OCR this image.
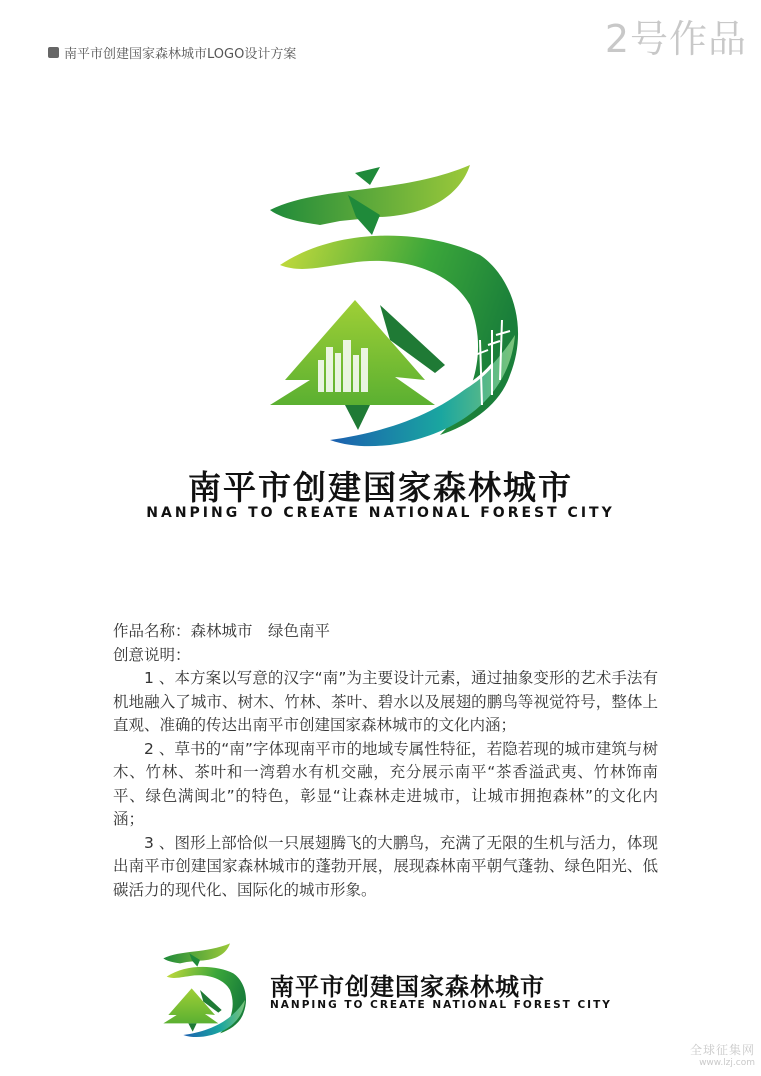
南平市创建国家森林城市LOGO设计方案	2号作品
南平市创建国家森林城市
NANPING TO CREATE NATIONAL FOREST CITY

作品名称：森林城市　绿色南平

创意说明：

1 、本方案以写意的汉字“南”为主要设计元素，通过抽象变形的艺术手法有机地融入了城市、树木、竹林、茶叶、碧水以及展翅的鹏鸟等视觉符号，整体上直观、准确的传达出南平市创建国家森林城市的文化内涵；

2 、草书的“南”字体现南平市的地域专属性特征，若隐若现的城市建筑与树木、竹林、茶叶和一湾碧水有机交融，充分展示南平“茶香溢武夷、竹林饰南平、绿色满闽北”的特色，彰显“让森林走进城市，让城市拥抱森林”的文化内涵；

3 、图形上部恰似一只展翅腾飞的大鹏鸟，充满了无限的生机与活力，体现出南平市创建国家森林城市的蓬勃开展，展现森林南平朝气蓬勃、绿色阳光、低碳活力的现代化、国际化的城市形象。

南平市创建国家森林城市
NANPING TO CREATE NATIONAL FOREST CITY
全球征集网
www.lzj.com
